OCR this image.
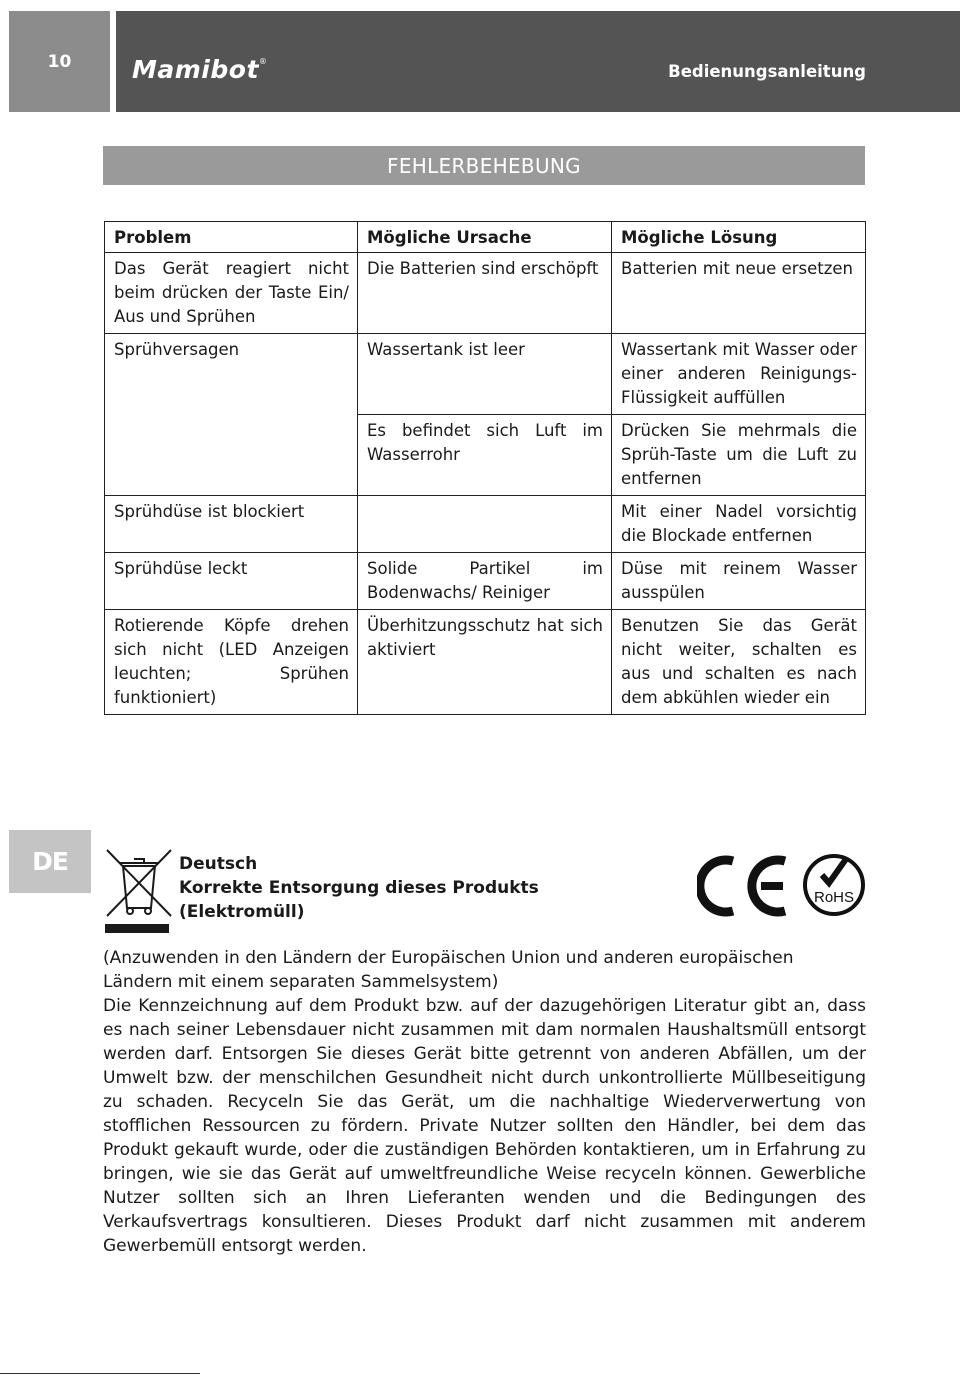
10	Mamibot®
Bedienungsanleitung
FEHLERBEHEBUNG
Problem	Mögliche Ursache	Mögliche Lösung
Das Gerät reagiert nicht beim drücken der Taste Ein/ Aus und Sprühen	Die Batterien sind erschöpft	Batterien mit neue ersetzen
Sprühversagen	Wassertank ist leer	Wassertank mit Wasser oder einer anderen Reinigungs-Flüssigkeit auffüllen
	Es befindet sich Luft im Wasserrohr	Drücken Sie mehrmals die Sprüh-Taste um die Luft zu entfernen
Sprühdüse ist blockiert		Mit einer Nadel vorsichtig die Blockade entfernen
Sprühdüse leckt	Solide Partikel im Bodenwachs/ Reiniger	Düse mit reinem Wasser ausspülen
Rotierende Köpfe drehen sich nicht (LED Anzeigen leuchten; Sprühen funktioniert)	Überhitzungsschutz hat sich aktiviert	Benutzen Sie das Gerät nicht weiter, schalten es aus und schalten es nach dem abkühlen wieder ein
DE	Deutsch
Korrekte Entsorgung dieses Produkts
(Elektromüll)
RoHS

(Anzuwenden in den Ländern der Europäischen Union und anderen europäischen Ländern mit einem separaten Sammelsystem)

Die Kennzeichnung auf dem Produkt bzw. auf der dazugehörigen Literatur gibt an, dass es nach seiner Lebensdauer nicht zusammen mit dam normalen Haushaltsmüll entsorgt werden darf. Entsorgen Sie dieses Gerät bitte getrennt von anderen Abfällen, um der Umwelt bzw. der menschilchen Gesundheit nicht durch unkontrollierte Müllbeseitigung zu schaden. Recyceln Sie das Gerät, um die nachhaltige Wiederverwertung von stofflichen Ressourcen zu fördern. Private Nutzer sollten den Händler, bei dem das Produkt gekauft wurde, oder die zuständigen Behörden kontaktieren, um in Erfahrung zu bringen, wie sie das Gerät auf umweltfreundliche Weise recyceln können. Gewerbliche Nutzer sollten sich an Ihren Lieferanten wenden und die Bedingungen des Verkaufsvertrags konsultieren. Dieses Produkt darf nicht zusammen mit anderem Gewerbemüll entsorgt werden.
